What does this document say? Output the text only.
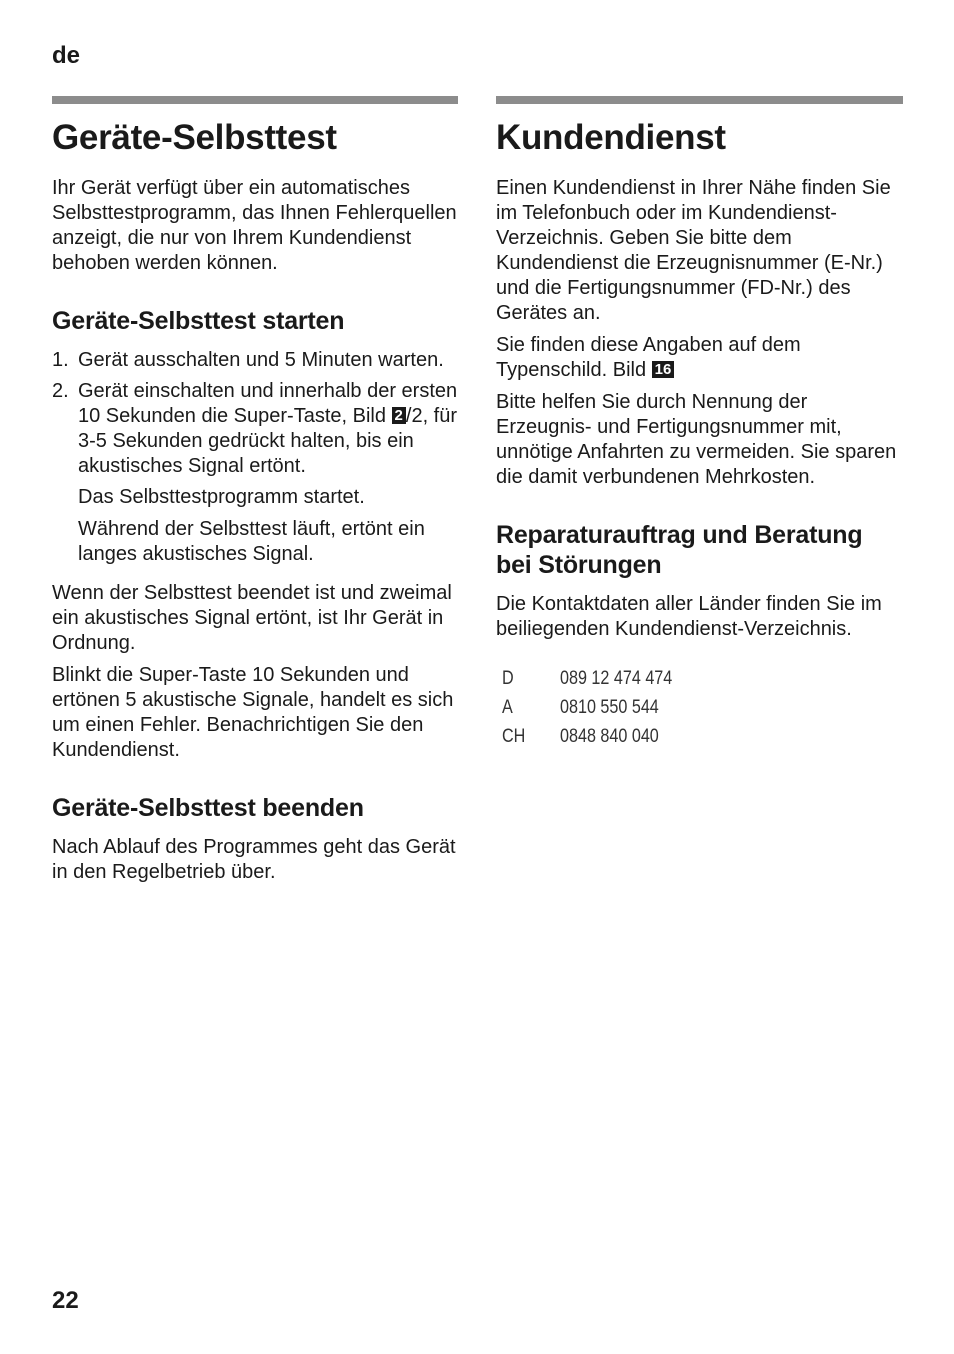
de
Geräte-Selbsttest

Ihr Gerät verfügt über ein automatisches Selbsttestprogramm, das Ihnen Fehlerquellen anzeigt, die nur von Ihrem Kundendienst behoben werden können.

Geräte-Selbsttest starten
1. Gerät ausschalten und 5 Minuten warten.
2. Gerät einschalten und innerhalb der ersten 10 Sekunden die Super-Taste, Bild 2 /2, für 3-5 Sekunden gedrückt halten, bis ein akustisches Signal ertönt.

Das Selbsttestprogramm startet.

Während der Selbsttest läuft, ertönt ein langes akustisches Signal.

Wenn der Selbsttest beendet ist und zweimal ein akustisches Signal ertönt, ist Ihr Gerät in Ordnung.

Blinkt die Super-Taste 10 Sekunden und ertönen 5 akustische Signale, handelt es sich um einen Fehler. Benachrichtigen Sie den Kundendienst.

Geräte-Selbsttest beenden

Nach Ablauf des Programmes geht das Gerät in den Regelbetrieb über.

Kundendienst

Einen Kundendienst in Ihrer Nähe finden Sie im Telefonbuch oder im Kundendienst-Verzeichnis. Geben Sie bitte dem Kundendienst die Erzeugnisnummer (E-Nr.) und die Fertigungsnummer (FD-Nr.) des Gerätes an.

Sie finden diese Angaben auf dem Typenschild. Bild 16

Bitte helfen Sie durch Nennung der Erzeugnis- und Fertigungsnummer mit, unnötige Anfahrten zu vermeiden. Sie sparen die damit verbundenen Mehrkosten.

Reparaturauftrag und Beratung bei Störungen

Die Kontaktdaten aller Länder finden Sie im beiliegenden Kundendienst-Verzeichnis.

D	089 12 474 474
A	0810 550 544
CH	0848 840 040
22
